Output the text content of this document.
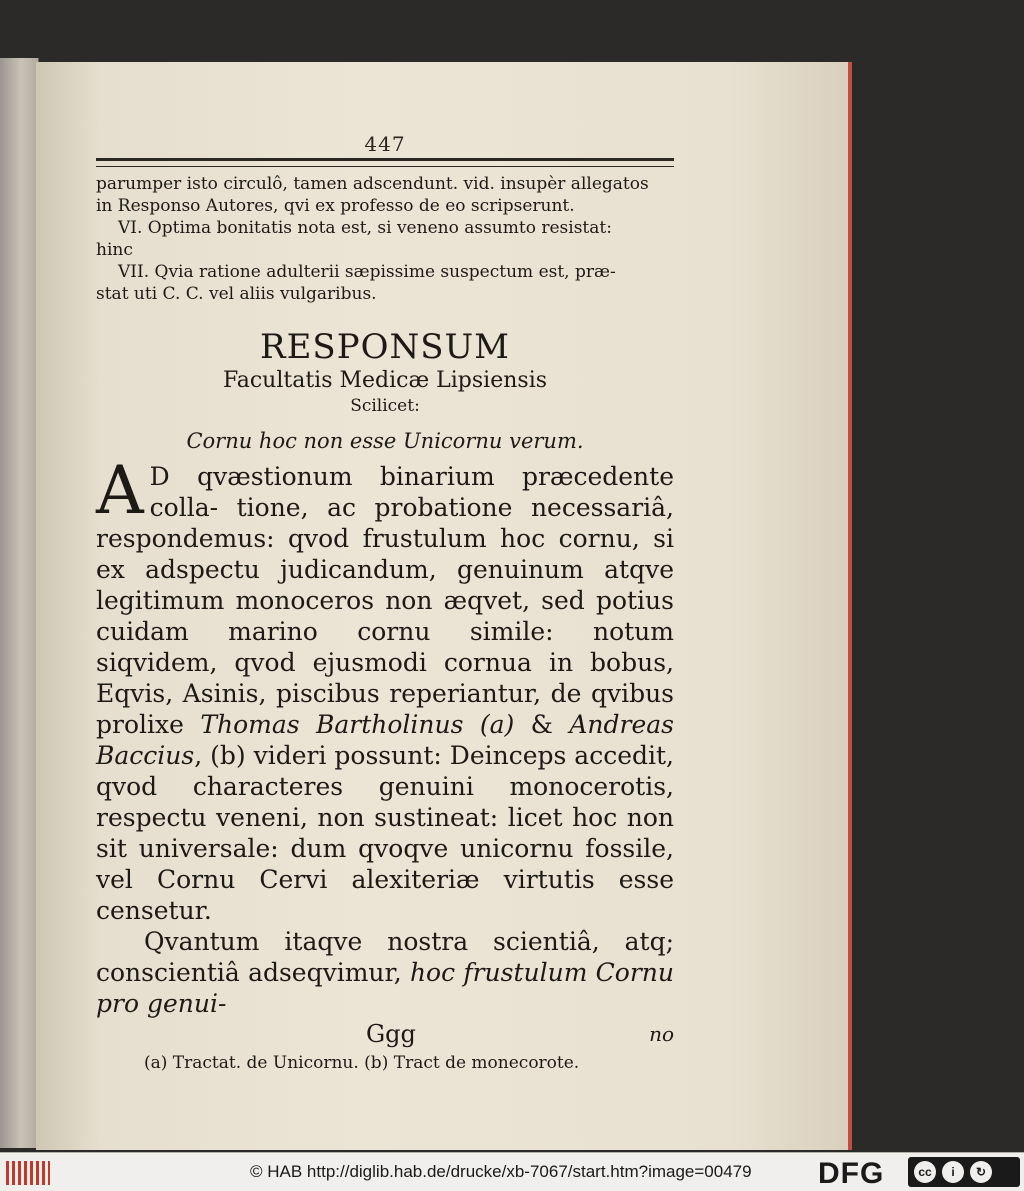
447

parumper isto circulô, tamen adscendunt. vid. insupèr allegatos

in Responso Autores, qvi ex professo de eo scripserunt.

VI. Optima bonitatis nota est, si veneno assumto resistat:

hinc

VII. Qvia ratione adulterii sæpissime suspectum est, præ-

stat uti C. C. vel aliis vulgaribus.

RESPONSUM
Facultatis Medicæ Lipsiensis
Scilicet:
Cornu hoc non esse Unicornu verum.

A D qvæstionum binarium præcedente colla- tione, ac probatione necessariâ, respondemus: qvod frustulum hoc cornu, si ex adspectu judicandum, genuinum atqve legitimum monoceros non æqvet, sed potius cuidam marino cornu simile: notum siqvidem, qvod ejusmodi cornua in bobus, Eqvis, Asinis, piscibus reperiantur, de qvibus prolixe Thomas Bartholinus (a) & Andreas Baccius, (b) videri possunt: Deinceps accedit, qvod characteres genuini monocerotis, respectu veneni, non sustineat: licet hoc non sit universale: dum qvoqve unicornu fossile, vel Cornu Cervi alexiteriæ virtutis esse censetur.

Qvantum itaqve nostra scientiâ, atq; conscientiâ adseqvimur, hoc frustulum Cornu pro genui-

Ggg	no
(a) Tractat. de Unicornu. (b) Tract de monecorote.
© HAB http://diglib.hab.de/drucke/xb-7067/start.htm?image=00479 DFG	cc	i	↻
